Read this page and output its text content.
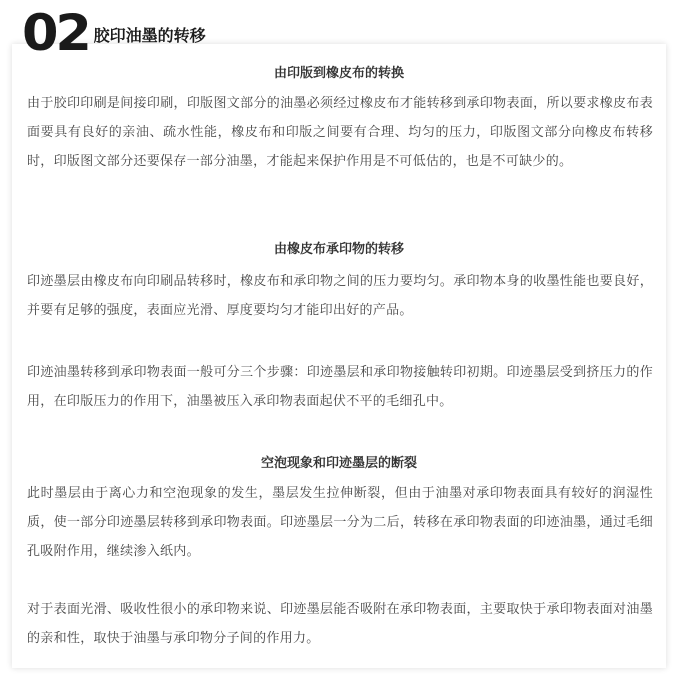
由印版到橡皮布的转换

由于胶印印刷是间接印刷，印版图文部分的油墨必须经过橡皮布才能转移到承印物表面，所以要求橡皮布表面要具有良好的亲油、疏水性能，橡皮布和印版之间要有合理、均匀的压力，印版图文部分向橡皮布转移时，印版图文部分还要保存一部分油墨，才能起来保护作用是不可低估的，也是不可缺少的。

由橡皮布承印物的转移

印迹墨层由橡皮布向印刷品转移时，橡皮布和承印物之间的压力要均匀。承印物本身的收墨性能也要良好，并要有足够的强度，表面应光滑、厚度要均匀才能印出好的产品。

印迹油墨转移到承印物表面一般可分三个步骤：印迹墨层和承印物接触转印初期。印迹墨层受到挤压力的作用，在印版压力的作用下，油墨被压入承印物表面起伏不平的毛细孔中。

空泡现象和印迹墨层的断裂

此时墨层由于离心力和空泡现象的发生，墨层发生拉伸断裂，但由于油墨对承印物表面具有较好的润湿性质，使一部分印迹墨层转移到承印物表面。印迹墨层一分为二后，转移在承印物表面的印迹油墨，通过毛细孔吸附作用，继续渗入纸内。

对于表面光滑、吸收性很小的承印物来说、印迹墨层能否吸附在承印物表面，主要取快于承印物表面对油墨的亲和性，取快于油墨与承印物分子间的作用力。

02 胶印油墨的转移
